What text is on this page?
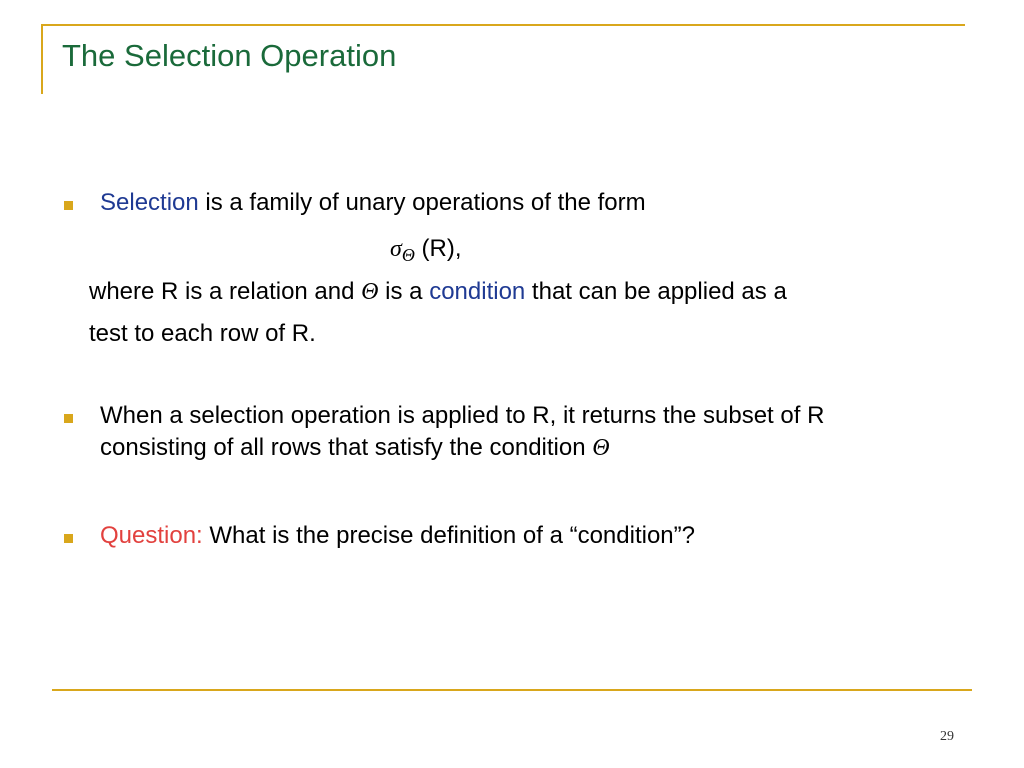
The Selection Operation
Selection is a family of unary operations of the form
$\sigma_\Theta$ (R),
where R is a relation and Θ is a condition that can be applied as a
test to each row of R.
When a selection operation is applied to R, it returns the subset of R
consisting of all rows that satisfy the condition Θ
Question: What is the precise definition of a “condition”?
29
